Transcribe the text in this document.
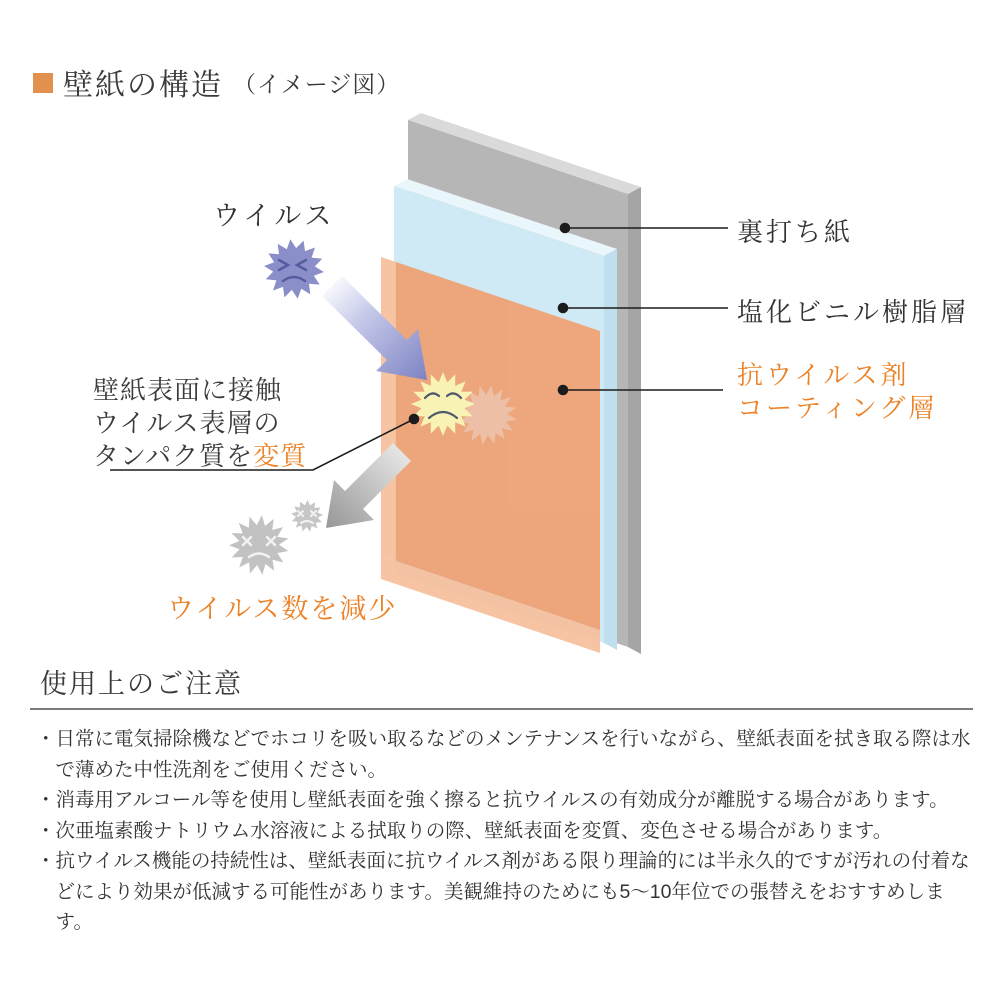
壁紙の構造 （イメージ図）
ウイルス
裏打ち紙
塩化ビニル樹脂層
抗ウイルス剤
コーティング層
壁紙表面に接触
ウイルス表層の
タンパク質を変質
ウイルス数を減少
使用上のご注意
・日常に電気掃除機などでホコリを吸い取るなどのメンテナンスを行いながら、壁紙表面を拭き取る際は水で薄めた中性洗剤をご使用ください。
・消毒用アルコール等を使用し壁紙表面を強く擦ると抗ウイルスの有効成分が離脱する場合があります。
・次亜塩素酸ナトリウム水溶液による拭取りの際、壁紙表面を変質、変色させる場合があります。
・抗ウイルス機能の持続性は、壁紙表面に抗ウイルス剤がある限り理論的には半永久的ですが汚れの付着などにより効果が低減する可能性があります。美観維持のためにも5〜10年位での張替えをおすすめします。
